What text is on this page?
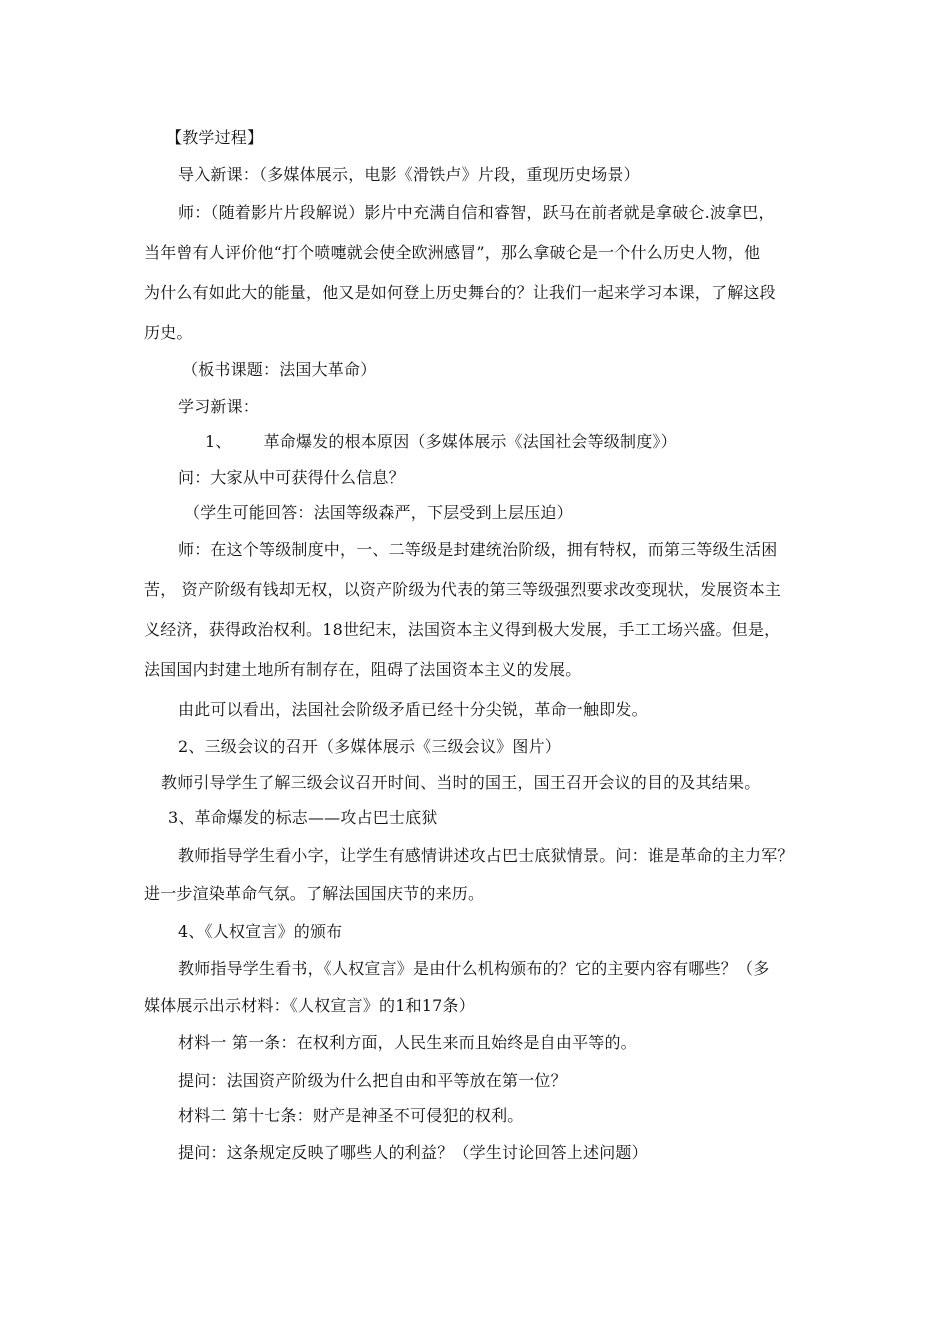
【教学过程】
导入新课：（多媒体展示，电影《滑铁卢》片段，重现历史场景）
师：（随着影片片段解说）影片中充满自信和睿智，跃马在前者就是拿破仑.波拿巴，
当年曾有人评价他“打个喷嚏就会使全欧洲感冒”，那么拿破仑是一个什么历史人物，他
为什么有如此大的能量，他又是如何登上历史舞台的？让我们一起来学习本课，了解这段
历史。
（板书课题：法国大革命）
学习新课：
1、 革命爆发的根本原因（多媒体展示《法国社会等级制度》）
问：大家从中可获得什么信息？
（学生可能回答：法国等级森严，下层受到上层压迫）
师：在这个等级制度中，一、二等级是封建统治阶级，拥有特权，而第三等级生活困
苦， 资产阶级有钱却无权，以资产阶级为代表的第三等级强烈要求改变现状，发展资本主
义经济，获得政治权利。18世纪末，法国资本主义得到极大发展，手工工场兴盛。但是，
法国国内封建土地所有制存在，阻碍了法国资本主义的发展。
由此可以看出，法国社会阶级矛盾已经十分尖锐，革命一触即发。
2、三级会议的召开（多媒体展示《三级会议》图片）
教师引导学生了解三级会议召开时间、当时的国王，国王召开会议的目的及其结果。
3、革命爆发的标志——攻占巴士底狱
教师指导学生看小字，让学生有感情讲述攻占巴士底狱情景。问：谁是革命的主力军？
进一步渲染革命气氛。了解法国国庆节的来历。
4、《人权宣言》的颁布
教师指导学生看书，《人权宣言》是由什么机构颁布的？它的主要内容有哪些？（多
媒体展示出示材料：《人权宣言》的1和17条）
材料一 第一条：在权利方面，人民生来而且始终是自由平等的。
提问：法国资产阶级为什么把自由和平等放在第一位？
材料二 第十七条：财产是神圣不可侵犯的权利。
提问：这条规定反映了哪些人的利益？（学生讨论回答上述问题）
